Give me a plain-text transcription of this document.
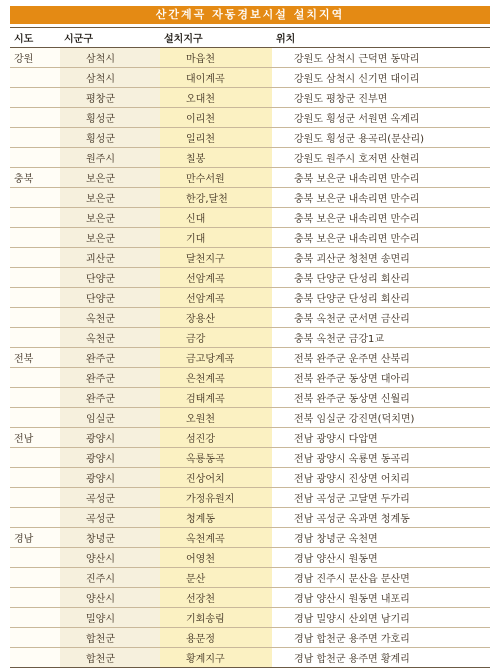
산간계곡 자동경보시설 설치지역
시도	시군구	설치지구	위치
강원	삼척시	마읍천	강원도 삼척시 근덕면 동막리
	삼척시	대이계곡	강원도 삼척시 신기면 대이리
	평창군	오대천	강원도 평창군 진부면
	횡성군	이리천	강원도 횡성군 서원면 옥계리
	횡성군	일리천	강원도 횡성군 용곡리(문산리)
	원주시	칠봉	강원도 원주시 호저면 산현리
충북	보은군	만수서원	충북 보은군 내속리면 만수리
	보은군	한강,달천	충북 보은군 내속리면 만수리
	보은군	신대	충북 보은군 내속리면 만수리
	보은군	기대	충북 보은군 내속리면 만수리
	괴산군	달천지구	충북 괴산군 청천면 송면리
	단양군	선암계곡	충북 단양군 단성리 회산리
	단양군	선암계곡	충북 단양군 단성리 회산리
	옥천군	장용산	충북 옥천군 군서면 금산리
	옥천군	금강	충북 옥천군 금강1교
전북	완주군	금고당계곡	전북 완주군 운주면 산북리
	완주군	은천계곡	전북 완주군 동상면 대아리
	완주군	검태계곡	전북 완주군 동상면 신월리
	임실군	오원천	전북 임실군 강진면(덕치면)
전남	광양시	섬진강	전남 광양시 다압면
	광양시	옥룡동곡	전남 광양시 옥룡면 동곡리
	광양시	진상어치	전남 광양시 진상면 어치리
	곡성군	가정유원지	전남 곡성군 고달면 두가리
	곡성군	청계동	전남 곡성군 옥과면 청계동
경남	창녕군	옥천계곡	경남 창녕군 옥천면
	양산시	어영천	경남 양산시 원동면
	진주시	문산	경남 진주시 문산읍 문산면
	양산시	선장천	경남 양산시 원동면 내포리
	밀양시	기회송림	경남 밀양시 산외면 남기리
	합천군	용문정	경남 합천군 용주면 가호리
	합천군	황계지구	경남 합천군 용주면 황계리
